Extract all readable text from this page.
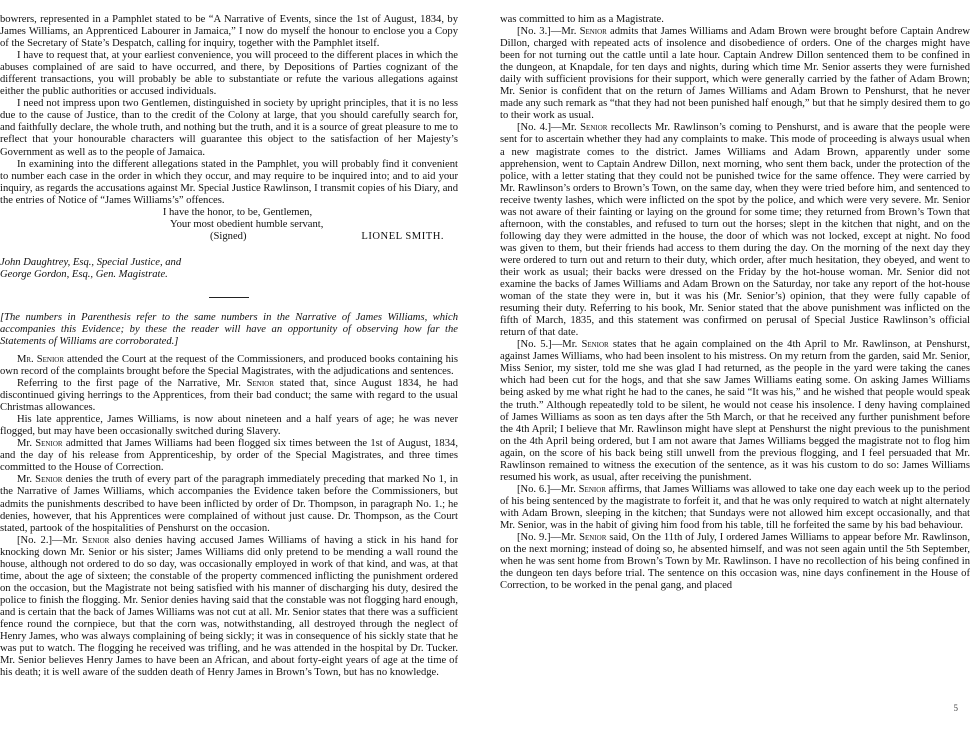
bowrers, represented in a Pamphlet stated to be “A Narrative of Events, since the 1st of August, 1834, by James Williams, an Apprenticed Labourer in Jamaica,” I now do myself the honour to enclose you a Copy of the Secretary of State’s Despatch, calling for inquiry, together with the Pamphlet itself.

I have to request that, at your earliest convenience, you will proceed to the different places in which the abuses complained of are said to have occurred, and there, by Depositions of Parties cognizant of the different transactions, you will probably be able to substantiate or refute the various allegations against either the public authorities or accused individuals.

I need not impress upon two Gentlemen, distinguished in society by upright principles, that it is no less due to the cause of Justice, than to the credit of the Colony at large, that you should carefully search for, and faithfully declare, the whole truth, and nothing but the truth, and it is a source of great pleasure to me to reflect that your honourable characters will guarantee this object to the satisfaction of her Majesty’s Government as well as to the people of Jamaica.

In examining into the different allegations stated in the Pamphlet, you will probably find it convenient to number each case in the order in which they occur, and may require to be inquired into; and to aid your inquiry, as regards the accusations against Mr. Special Justice Rawlinson, I transmit copies of his Diary, and the entries of Notice of “James Williams’s” offences.

I have the honor, to be, Gentlemen,

Your most obedient humble servant,
(Signed)	LIONEL SMITH.
John Daughtrey, Esq., Special Justice, and
George Gordon, Esq., Gen. Magistrate.

[The numbers in Parenthesis refer to the same numbers in the Narrative of James Williams, which accompanies this Evidence; by these the reader will have an opportunity of observing how far the Statements of Williams are corroborated.]

Mr. Senior attended the Court at the request of the Commissioners, and produced books containing his own record of the complaints brought before the Special Magistrates, with the adjudications and sentences.

Referring to the first page of the Narrative, Mr. Senior stated that, since August 1834, he had discontinued giving herrings to the Apprentices, from their bad conduct; the same with regard to the usual Christmas allowances.

His late apprentice, James Williams, is now about nineteen and a half years of age; he was never flogged, but may have been occasionally switched during Slavery.

Mr. Senior admitted that James Williams had been flogged six times between the 1st of August, 1834, and the day of his release from Apprenticeship, by order of the Special Magistrates, and three times committed to the House of Correction.

Mr. Senior denies the truth of every part of the paragraph immediately preceding that marked No 1, in the Narrative of James Williams, which accompanies the Evidence taken before the Commissioners, but admits the punishments described to have been inflicted by order of Dr. Thompson, in paragraph No. 1.; he denies, however, that his Apprentices were complained of without just cause. Dr. Thompson, as the Court stated, partook of the hospitalities of Penshurst on the occasion.

[No. 2.]—Mr. Senior also denies having accused James Williams of having a stick in his hand for knocking down Mr. Senior or his sister; James Williams did only pretend to be mending a wall round the house, although not ordered to do so day, was occasionally employed in work of that kind, and was, at that time, about the age of sixteen; the constable of the property commenced inflicting the punishment ordered on the occasion, but the Magistrate not being satisfied with his manner of discharging his duty, desired the police to finish the flogging. Mr. Senior denies having said that the constable was not flogging hard enough, and is certain that the back of James Williams was not cut at all. Mr. Senior states that there was a sufficient fence round the cornpiece, but that the corn was, notwithstanding, all destroyed through the neglect of Henry James, who was always complaining of being sickly; it was in consequence of his sickly state that he was put to watch. The flogging he received was trifling, and he was attended in the hospital by Dr. Tucker. Mr. Senior believes Henry James to have been an African, and about forty-eight years of age at the time of his death; it is well aware of the sudden death of Henry James in Brown’s Town, but has no knowledge.

was committed to him as a Magistrate.

[No. 3.]—Mr. Senior admits that James Williams and Adam Brown were brought before Captain Andrew Dillon, charged with repeated acts of insolence and disobedience of orders. One of the charges might have been for not turning out the cattle until a late hour. Captain Andrew Dillon sentenced them to be confined in the dungeon, at Knapdale, for ten days and nights, during which time Mr. Senior asserts they were furnished daily with sufficient provisions for their support, which were generally carried by the father of Adam Brown; Mr. Senior is confident that on the return of James Williams and Adam Brown to Penshurst, that he never made any such remark as “that they had not been punished half enough,” but that he simply desired them to go to their work as usual.

[No. 4.]—Mr. Senior recollects Mr. Rawlinson’s coming to Penshurst, and is aware that the people were sent for to ascertain whether they had any complaints to make. This mode of proceeding is always usual when a new magistrate comes to the district. James Williams and Adam Brown, apparently under some apprehension, went to Captain Andrew Dillon, next morning, who sent them back, under the protection of the police, with a letter stating that they could not be punished twice for the same offence. They were carried by Mr. Rawlinson’s orders to Brown’s Town, on the same day, when they were tried before him, and sentenced to receive twenty lashes, which were inflicted on the spot by the police, and which were very severe. Mr. Senior was not aware of their fainting or laying on the ground for some time; they returned from Brown’s Town that afternoon, with the constables, and refused to turn out the horses; slept in the kitchen that night, and on the following day they were admitted in the house, the door of which was not locked, except at night. No food was given to them, but their friends had access to them during the day. On the morning of the next day they were ordered to turn out and return to their duty, which order, after much hesitation, they obeyed, and went to their work as usual; their backs were dressed on the Friday by the hot-house woman. Mr. Senior did not examine the backs of James Williams and Adam Brown on the Saturday, nor take any report of the hot-house woman of the state they were in, but it was his (Mr. Senior’s) opinion, that they were fully capable of resuming their duty. Referring to his book, Mr. Senior stated that the above punishment was inflicted on the fifth of March, 1835, and this statement was confirmed on perusal of Special Justice Rawlinson’s official return of that date.

[No. 5.]—Mr. Senior states that he again complained on the 4th April to Mr. Rawlinson, at Penshurst, against James Williams, who had been insolent to his mistress. On my return from the garden, said Mr. Senior, Miss Senior, my sister, told me she was glad I had returned, as the people in the yard were taking the canes which had been cut for the hogs, and that she saw James Williams eating some. On asking James Williams being asked by me what right he had to the canes, he said “It was his,” and he wished that people would speak the truth.” Although repeatedly told to be silent, he would not cease his insolence. I deny having complained of James Williams as soon as ten days after the 5th March, or that he received any further punishment before the 4th April; I believe that Mr. Rawlinson might have slept at Penshurst the night previous to the punishment on the 4th April being ordered, but I am not aware that James Williams begged the magistrate not to flog him again, on the score of his back being still unwell from the previous flogging, and I feel persuaded that Mr. Rawlinson remained to witness the execution of the sentence, as it was his custom to do so: James Williams resumed his work, as usual, after receiving the punishment.

[No. 6.]—Mr. Senior affirms, that James Williams was allowed to take one day each week up to the period of his being sentenced by the magistrate to forfeit it, and that he was only required to watch at night alternately with Adam Brown, sleeping in the kitchen; that Sundays were not allowed him except occasionally, and that Mr. Senior, was in the habit of giving him food from his table, till he forfeited the same by his bad behaviour.

[No. 9.]—Mr. Senior said, On the 11th of July, I ordered James Williams to appear before Mr. Rawlinson, on the next morning; instead of doing so, he absented himself, and was not seen again until the 5th September, when he was sent home from Brown’s Town by Mr. Rawlinson. I have no recollection of his being confined in the dungeon ten days before trial. The sentence on this occasion was, nine days confinement in the House of Correction, to be worked in the penal gang, and placed

5
